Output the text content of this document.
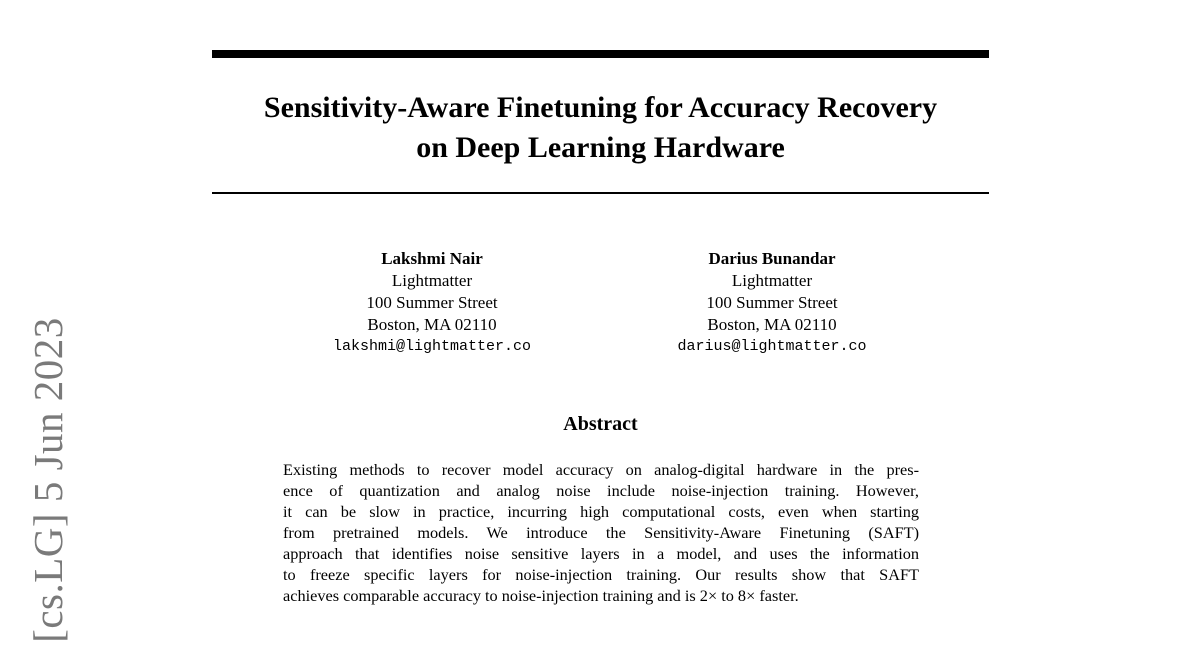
Sensitivity-Aware Finetuning for Accuracy Recovery
on Deep Learning Hardware
Lakshmi Nair
Lightmatter
100 Summer Street
Boston, MA 02110
lakshmi@lightmatter.co
Darius Bunandar
Lightmatter
100 Summer Street
Boston, MA 02110
darius@lightmatter.co
Abstract
Existing methods to recover model accuracy on analog-digital hardware in the pres-
ence of quantization and analog noise include noise-injection training. However,
it can be slow in practice, incurring high computational costs, even when starting
from pretrained models. We introduce the Sensitivity-Aware Finetuning (SAFT)
approach that identifies noise sensitive layers in a model, and uses the information
to freeze specific layers for noise-injection training. Our results show that SAFT
achieves comparable accuracy to noise-injection training and is 2× to 8× faster.
[cs.LG] 5 Jun 2023
